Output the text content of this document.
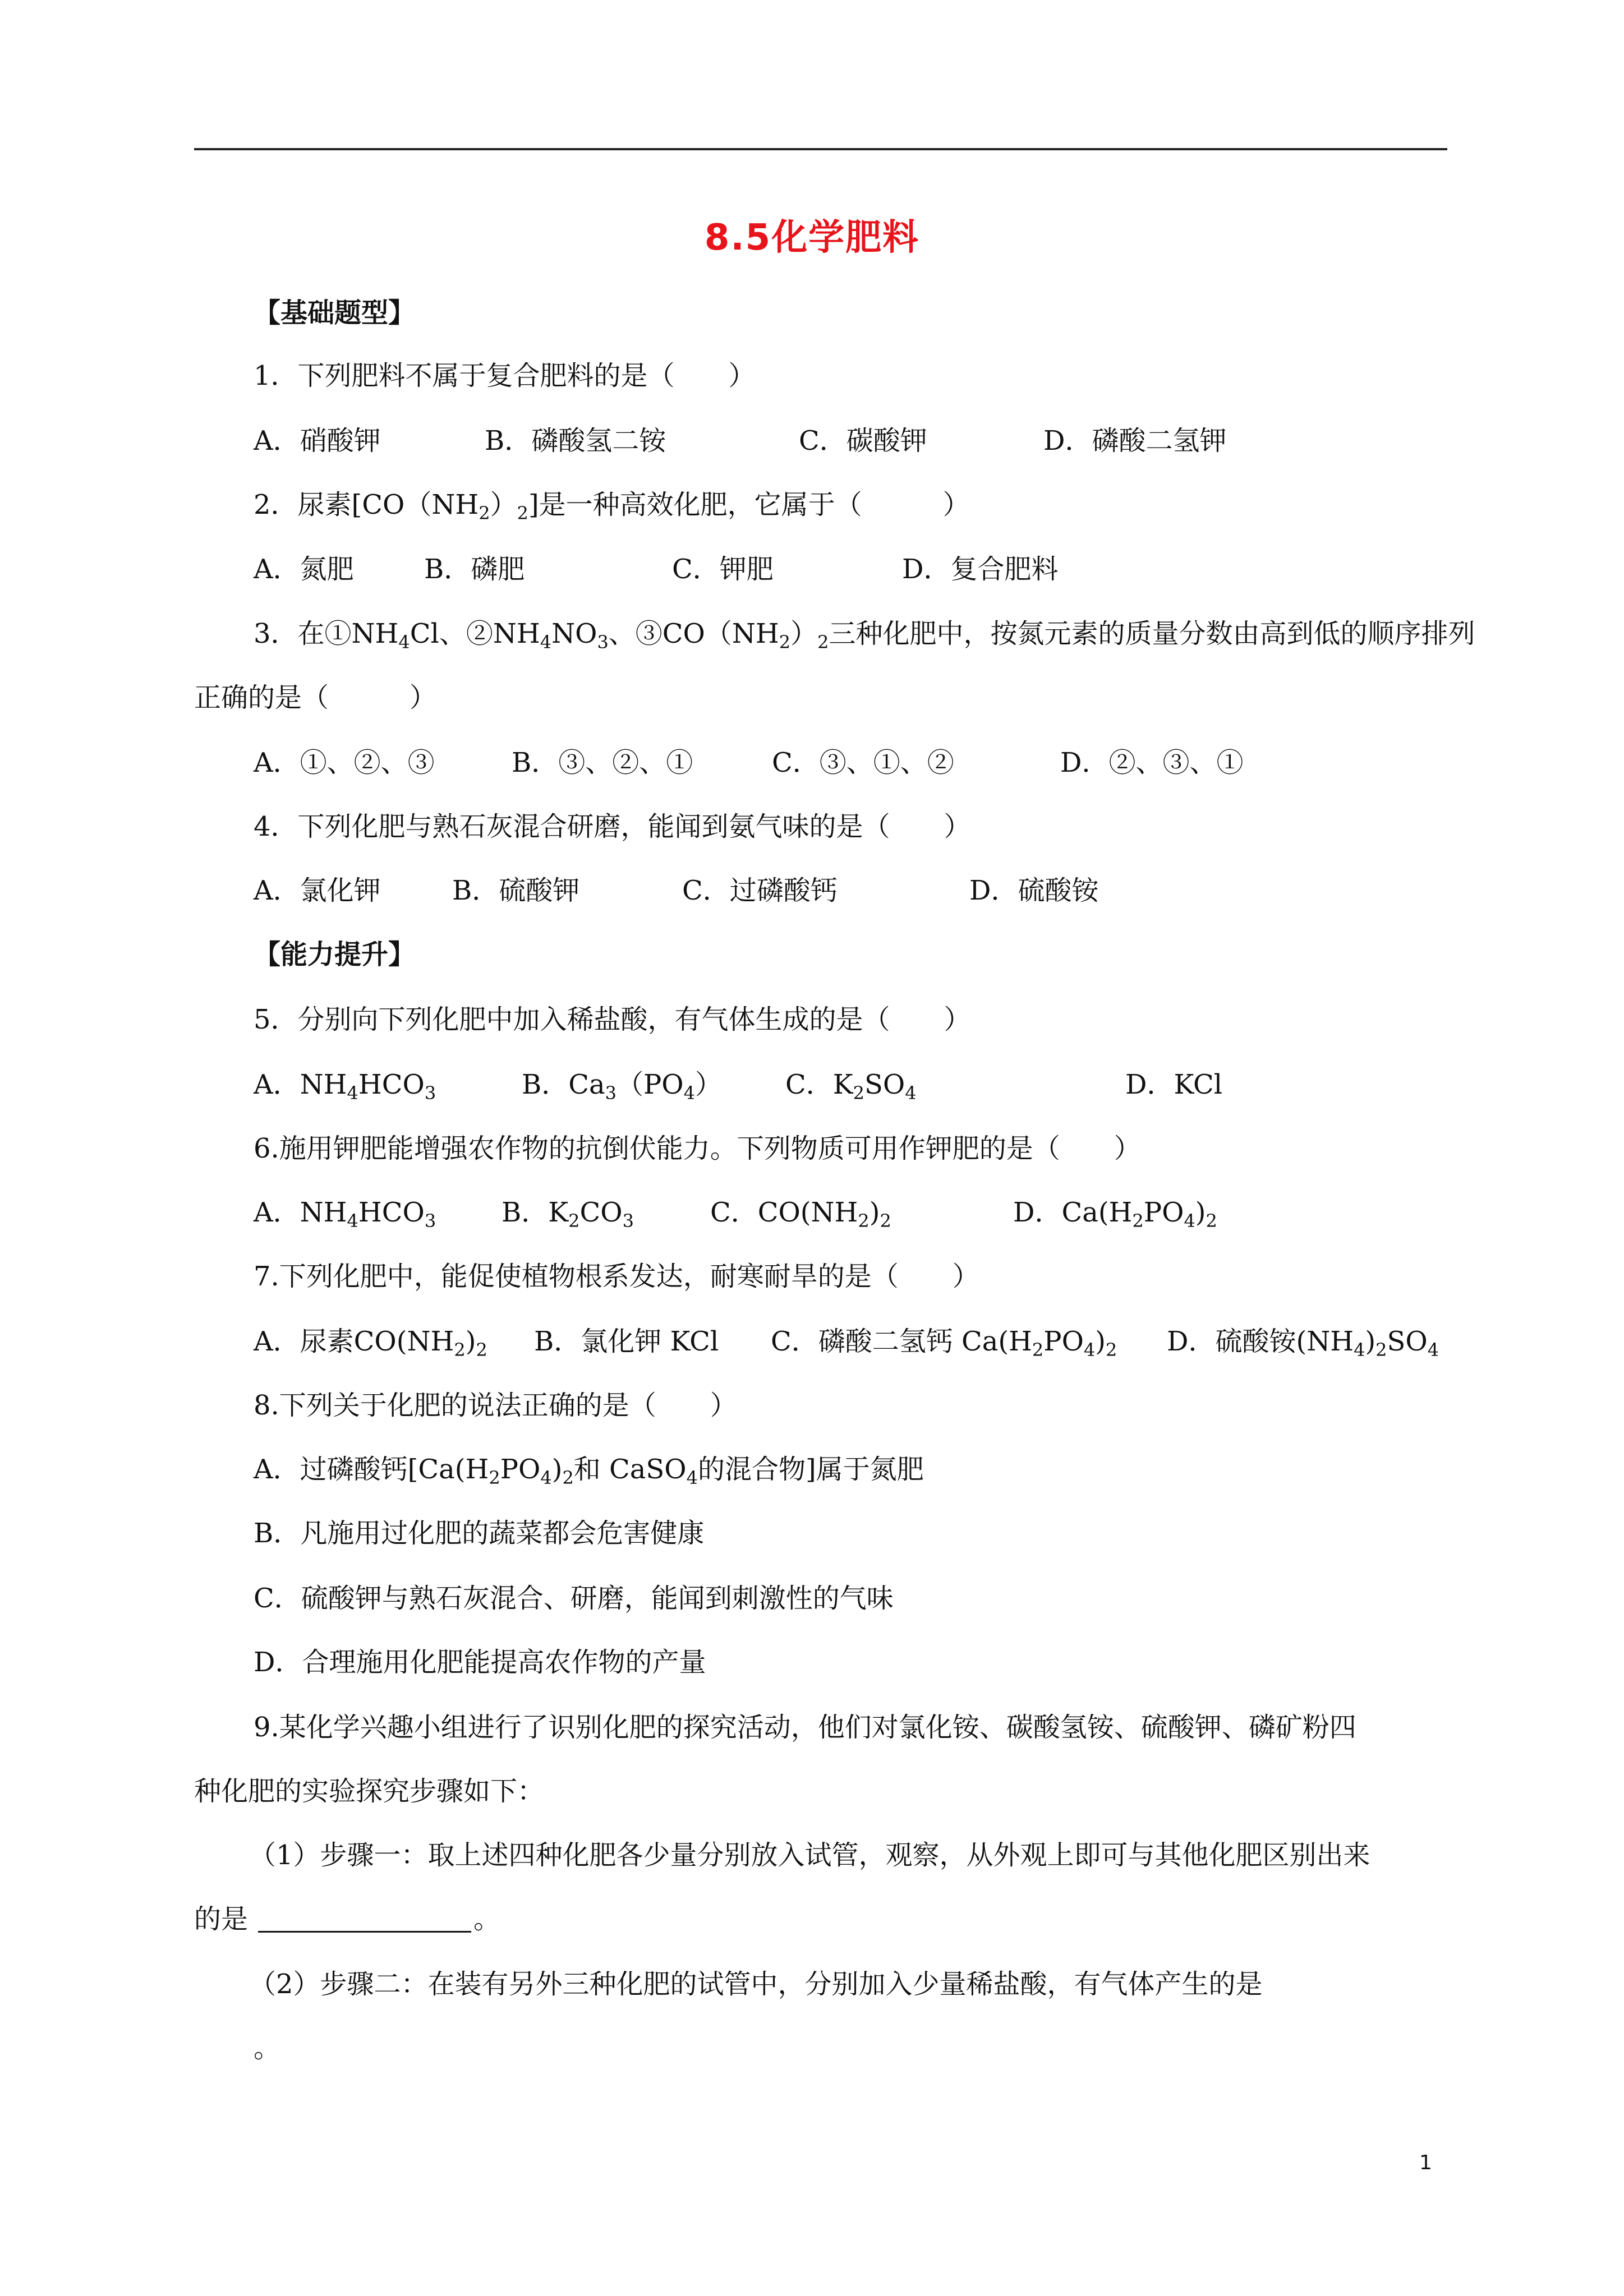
8.5化学肥料
【基础题型】
1．下列肥料不属于复合肥料的是（　　）
A．硝酸钾	B．磷酸氢二铵	C．碳酸钾	D．磷酸二氢钾
2．尿素$[CO(NH_2)_2]$是一种高效化肥，它属于（　　　）
A．氮肥	B．磷肥	C．钾肥	D．复合肥料
3．在$①NH_4Cl$、$②NH_4NO_3$、$③CO(NH_2)_2$三种化肥中，按氮元素的质量分数由高到低的顺序排列
正确的是（　　　）
A．①、②、③	B．③、②、①	C．③、①、②	D．②、③、①
4．下列化肥与熟石灰混合研磨，能闻到氨气味的是（　　）
A．氯化钾	B．硫酸钾	C．过磷酸钙	D．硫酸铵
【能力提升】
5．分别向下列化肥中加入稀盐酸，有气体生成的是（　　）
A．$NH_4HCO_3$	B．$Ca_3(PO_4)$	C．$K_2SO_4$	D．KCl
6.施用钾肥能增强农作物的抗倒伏能力。下列物质可用作钾肥的是（　　）
A．$NH_4HCO_3$	B．$K_2CO_3$	C．$CO(NH_2)_2$	D．$Ca(H_2PO_4)_2$
7.下列化肥中，能促使植物根系发达，耐寒耐旱的是（　　）
A．尿素$CO(NH_2)_2$	B．氯化钾 KCl	C．磷酸二氢钙 $Ca(H_2PO_4)_2$	D．硫酸铵$(NH_4)_2SO_4$
8.下列关于化肥的说法正确的是（　　）
A．过磷酸钙[$Ca(H_2PO_4)_2$和 CaSO$_4$的混合物]属于氮肥
B．凡施用过化肥的蔬菜都会危害健康
C．硫酸钾与熟石灰混合、研磨，能闻到刺激性的气味
D．合理施用化肥能提高农作物的产量
9.某化学兴趣小组进行了识别化肥的探究活动，他们对氯化铵、碳酸氢铵、硫酸钾、磷矿粉四
种化肥的实验探究步骤如下：
（1）步骤一：取上述四种化肥各少量分别放入试管，观察，从外观上即可与其他化肥区别出来
的是	。
（2）步骤二：在装有另外三种化肥的试管中，分别加入少量稀盐酸，有气体产生的是
。
1
